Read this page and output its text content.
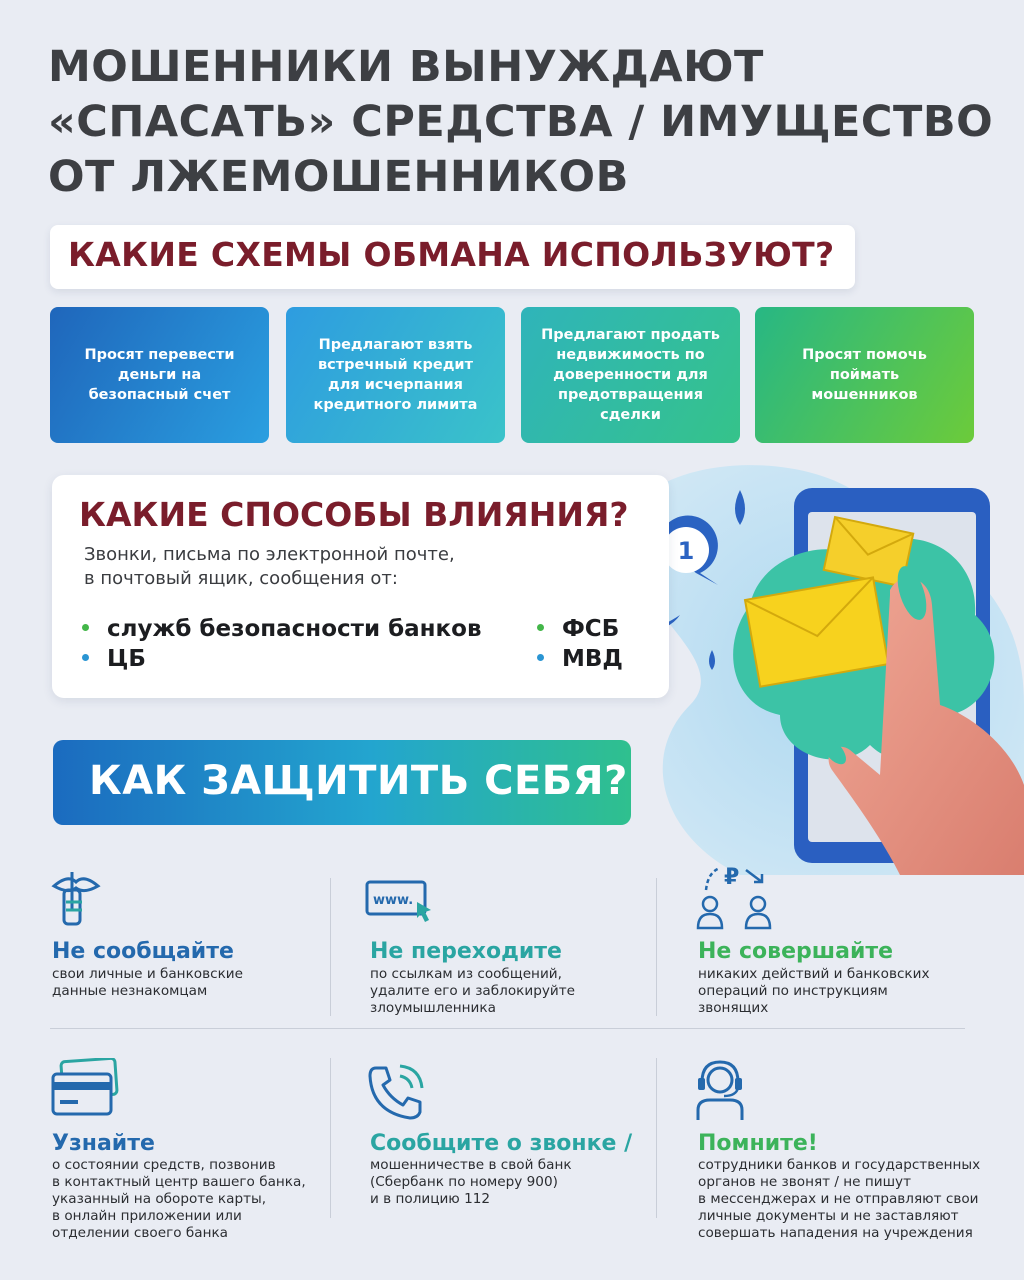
МОШЕННИКИ ВЫНУЖДАЮТ
«СПАСАТЬ» СРЕДСТВА / ИМУЩЕСТВО
ОТ ЛЖЕМОШЕННИКОВ
КАКИЕ СХЕМЫ ОБМАНА ИСПОЛЬЗУЮТ?
Просят перевести деньги на безопасный счет
Предлагают взять встречный кредит для исчерпания кредитного лимита
Предлагают продать недвижимость по доверенности для предотвращения сделки
Просят помочь поймать мошенников
1
КАКИЕ СПОСОБЫ ВЛИЯНИЯ?
Звонки, письма по электронной почте,
в почтовый ящик, сообщения от:
служб безопасности банков	ФСБ
ЦБ	МВД
КАК ЗАЩИТИТЬ СЕБЯ?
Не сообщайте
свои личные и банковские
данные незнакомцам
www.
Не переходите
по ссылкам из сообщений,
удалите его и заблокируйте
злоумышленника
₽
Не совершайте
никаких действий и банковских
операций по инструкциям
звонящих
Узнайте
о состоянии средств, позвонив
в контактный центр вашего банка,
указанный на обороте карты,
в онлайн приложении или
отделении своего банка
Сообщите о звонке /
мошенничестве в свой банк
(Сбербанк по номеру 900)
и в полицию 112
Помните!
сотрудники банков и государственных
органов не звонят / не пишут
в мессенджерах и не отправляют свои
личные документы и не заставляют
совершать нападения на учреждения
